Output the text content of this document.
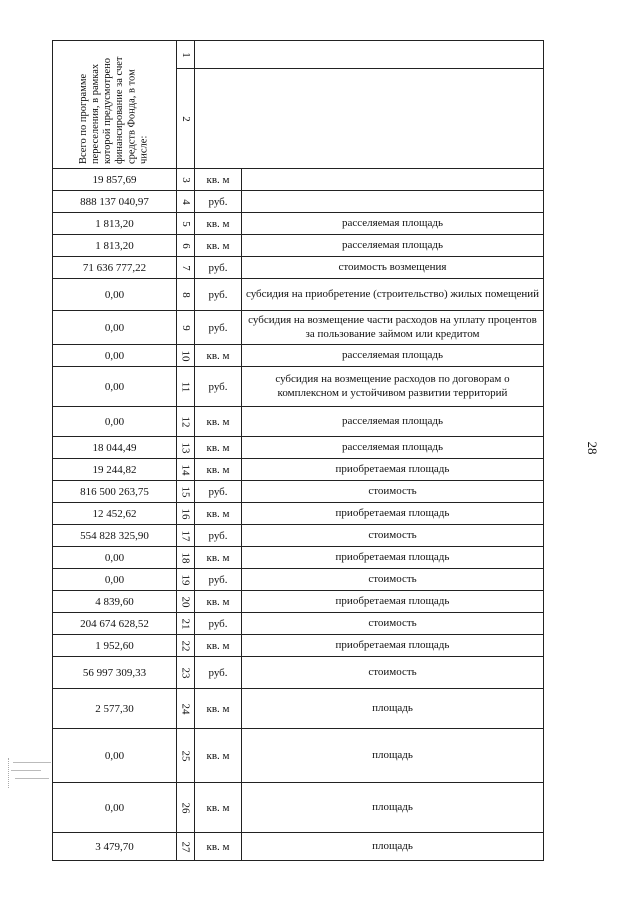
28
Всего по программе переселения, в рамках которой предусмотрено финансирование за счет средств Фонда, в том числе:	1		
	2		
19 857,69	3	кв. м	
888 137 040,97	4	руб.	
1 813,20	5	кв. м	расселяемая площадь
1 813,20	6	кв. м	расселяемая площадь
71 636 777,22	7	руб.	стоимость возмещения
0,00	8	руб.	субсидия на приобретение (строительство) жилых помещений
0,00	9	руб.	субсидия на возмещение части расходов на уплату процентов за пользование займом или кредитом
0,00	10	кв. м	расселяемая площадь
0,00	11	руб.	субсидия на возмещение расходов по договорам о комплексном и устойчивом развитии территорий
0,00	12	кв. м	расселяемая площадь
18 044,49	13	кв. м	расселяемая площадь
19 244,82	14	кв. м	приобретаемая площадь
816 500 263,75	15	руб.	стоимость
12 452,62	16	кв. м	приобретаемая площадь
554 828 325,90	17	руб.	стоимость
0,00	18	кв. м	приобретаемая площадь
0,00	19	руб.	стоимость
4 839,60	20	кв. м	приобретаемая площадь
204 674 628,52	21	руб.	стоимость
1 952,60	22	кв. м	приобретаемая площадь
56 997 309,33	23	руб.	стоимость
2 577,30	24	кв. м	площадь
0,00	25	кв. м	площадь
0,00	26	кв. м	площадь
3 479,70	27	кв. м	площадь
